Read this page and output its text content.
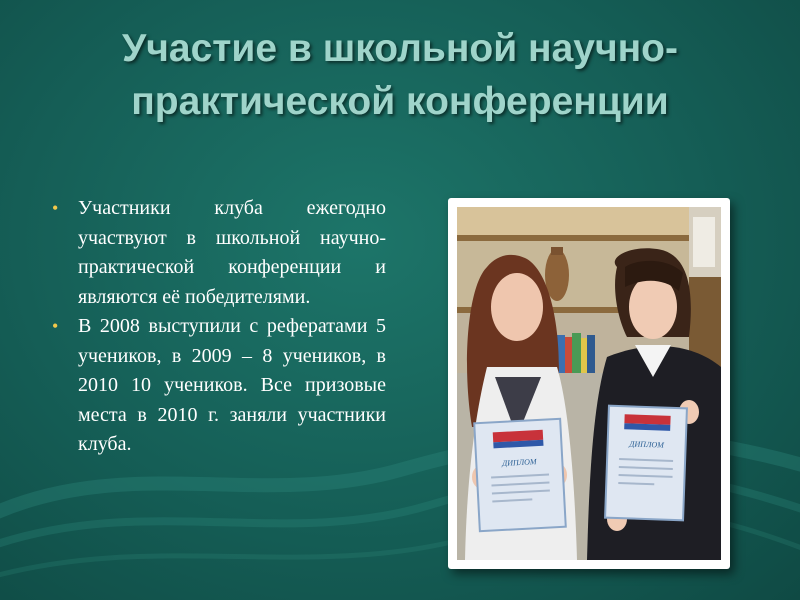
Участие в школьной научно-практической конференции
• Участники клуба ежегодно участвуют в школьной научно-практической конференции и являются её победителями.
• В 2008 выступили с рефератами 5 учеников, в 2009 – 8 учеников, в 2010 10 учеников. Все призовые места в 2010 г. заняли участники клуба.
ДИПЛОМ
ДИПЛОМ
